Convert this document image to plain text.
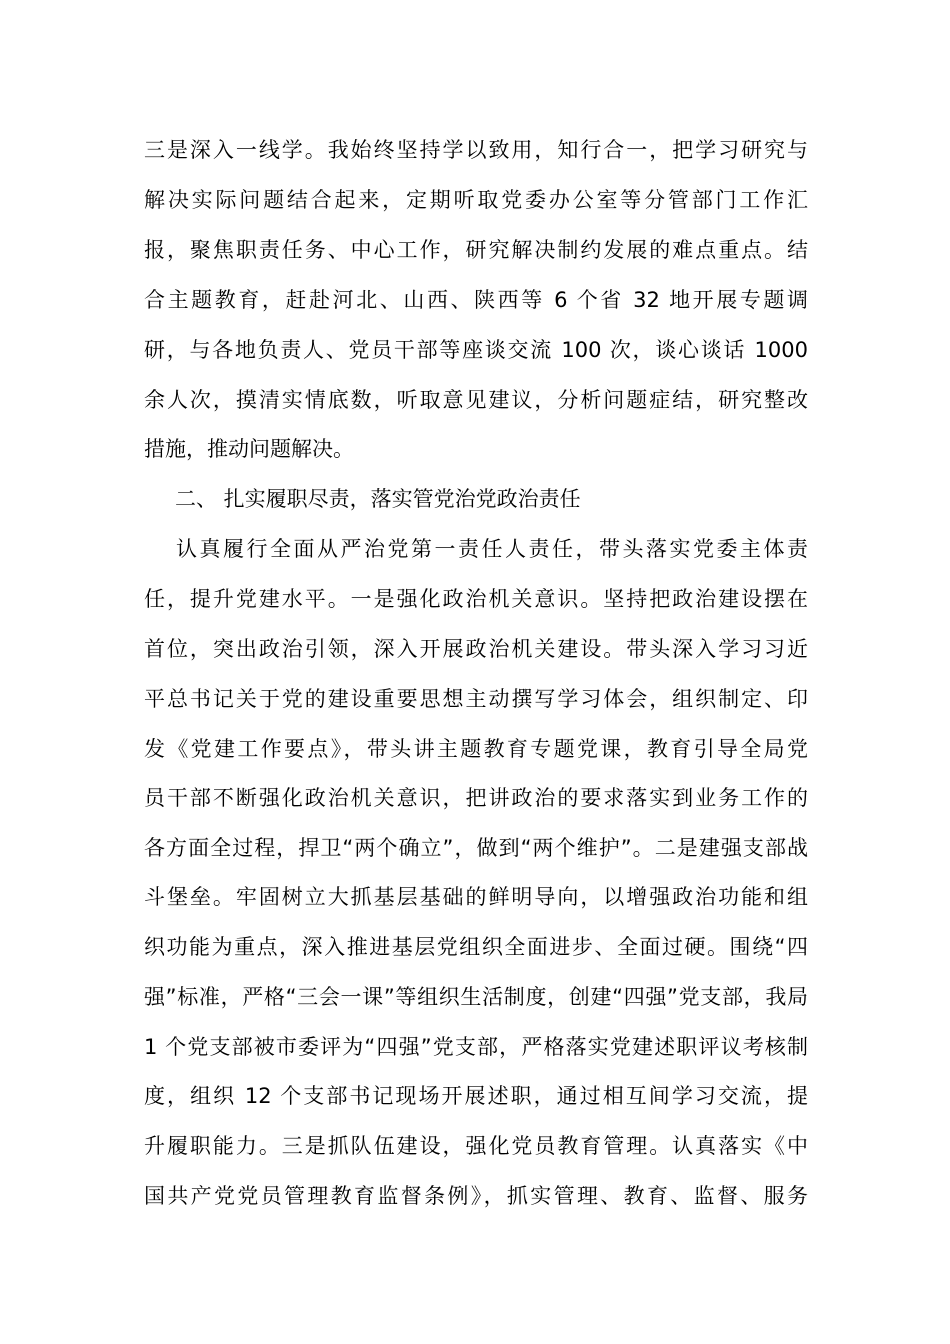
三是深入一线学。我始终坚持学以致用，知行合一，把学习研究与
解决实际问题结合起来，定期听取党委办公室等分管部门工作汇
报，聚焦职责任务、中心工作，研究解决制约发展的难点重点。结
合主题教育，赶赴河北、山西、陕西等 6 个省 32 地开展专题调
研，与各地负责人、党员干部等座谈交流 100 次，谈心谈话 1000
余人次，摸清实情底数，听取意见建议，分析问题症结，研究整改
措施，推动问题解决。
二、 扎实履职尽责，落实管党治党政治责任
认真履行全面从严治党第一责任人责任，带头落实党委主体责
任，提升党建水平。一是强化政治机关意识。坚持把政治建设摆在
首位，突出政治引领，深入开展政治机关建设。带头深入学习习近
平总书记关于党的建设重要思想主动撰写学习体会，组织制定、印
发《党建工作要点》，带头讲主题教育专题党课，教育引导全局党
员干部不断强化政治机关意识，把讲政治的要求落实到业务工作的
各方面全过程，捍卫“两个确立”，做到“两个维护”。二是建强支部战
斗堡垒。牢固树立大抓基层基础的鲜明导向，以增强政治功能和组
织功能为重点，深入推进基层党组织全面进步、全面过硬。围绕“四
强”标准，严格“三会一课”等组织生活制度，创建“四强”党支部，我局
1 个党支部被市委评为“四强”党支部，严格落实党建述职评议考核制
度，组织 12 个支部书记现场开展述职，通过相互间学习交流，提
升履职能力。三是抓队伍建设，强化党员教育管理。认真落实《中
国共产党党员管理教育监督条例》，抓实管理、教育、监督、服务
